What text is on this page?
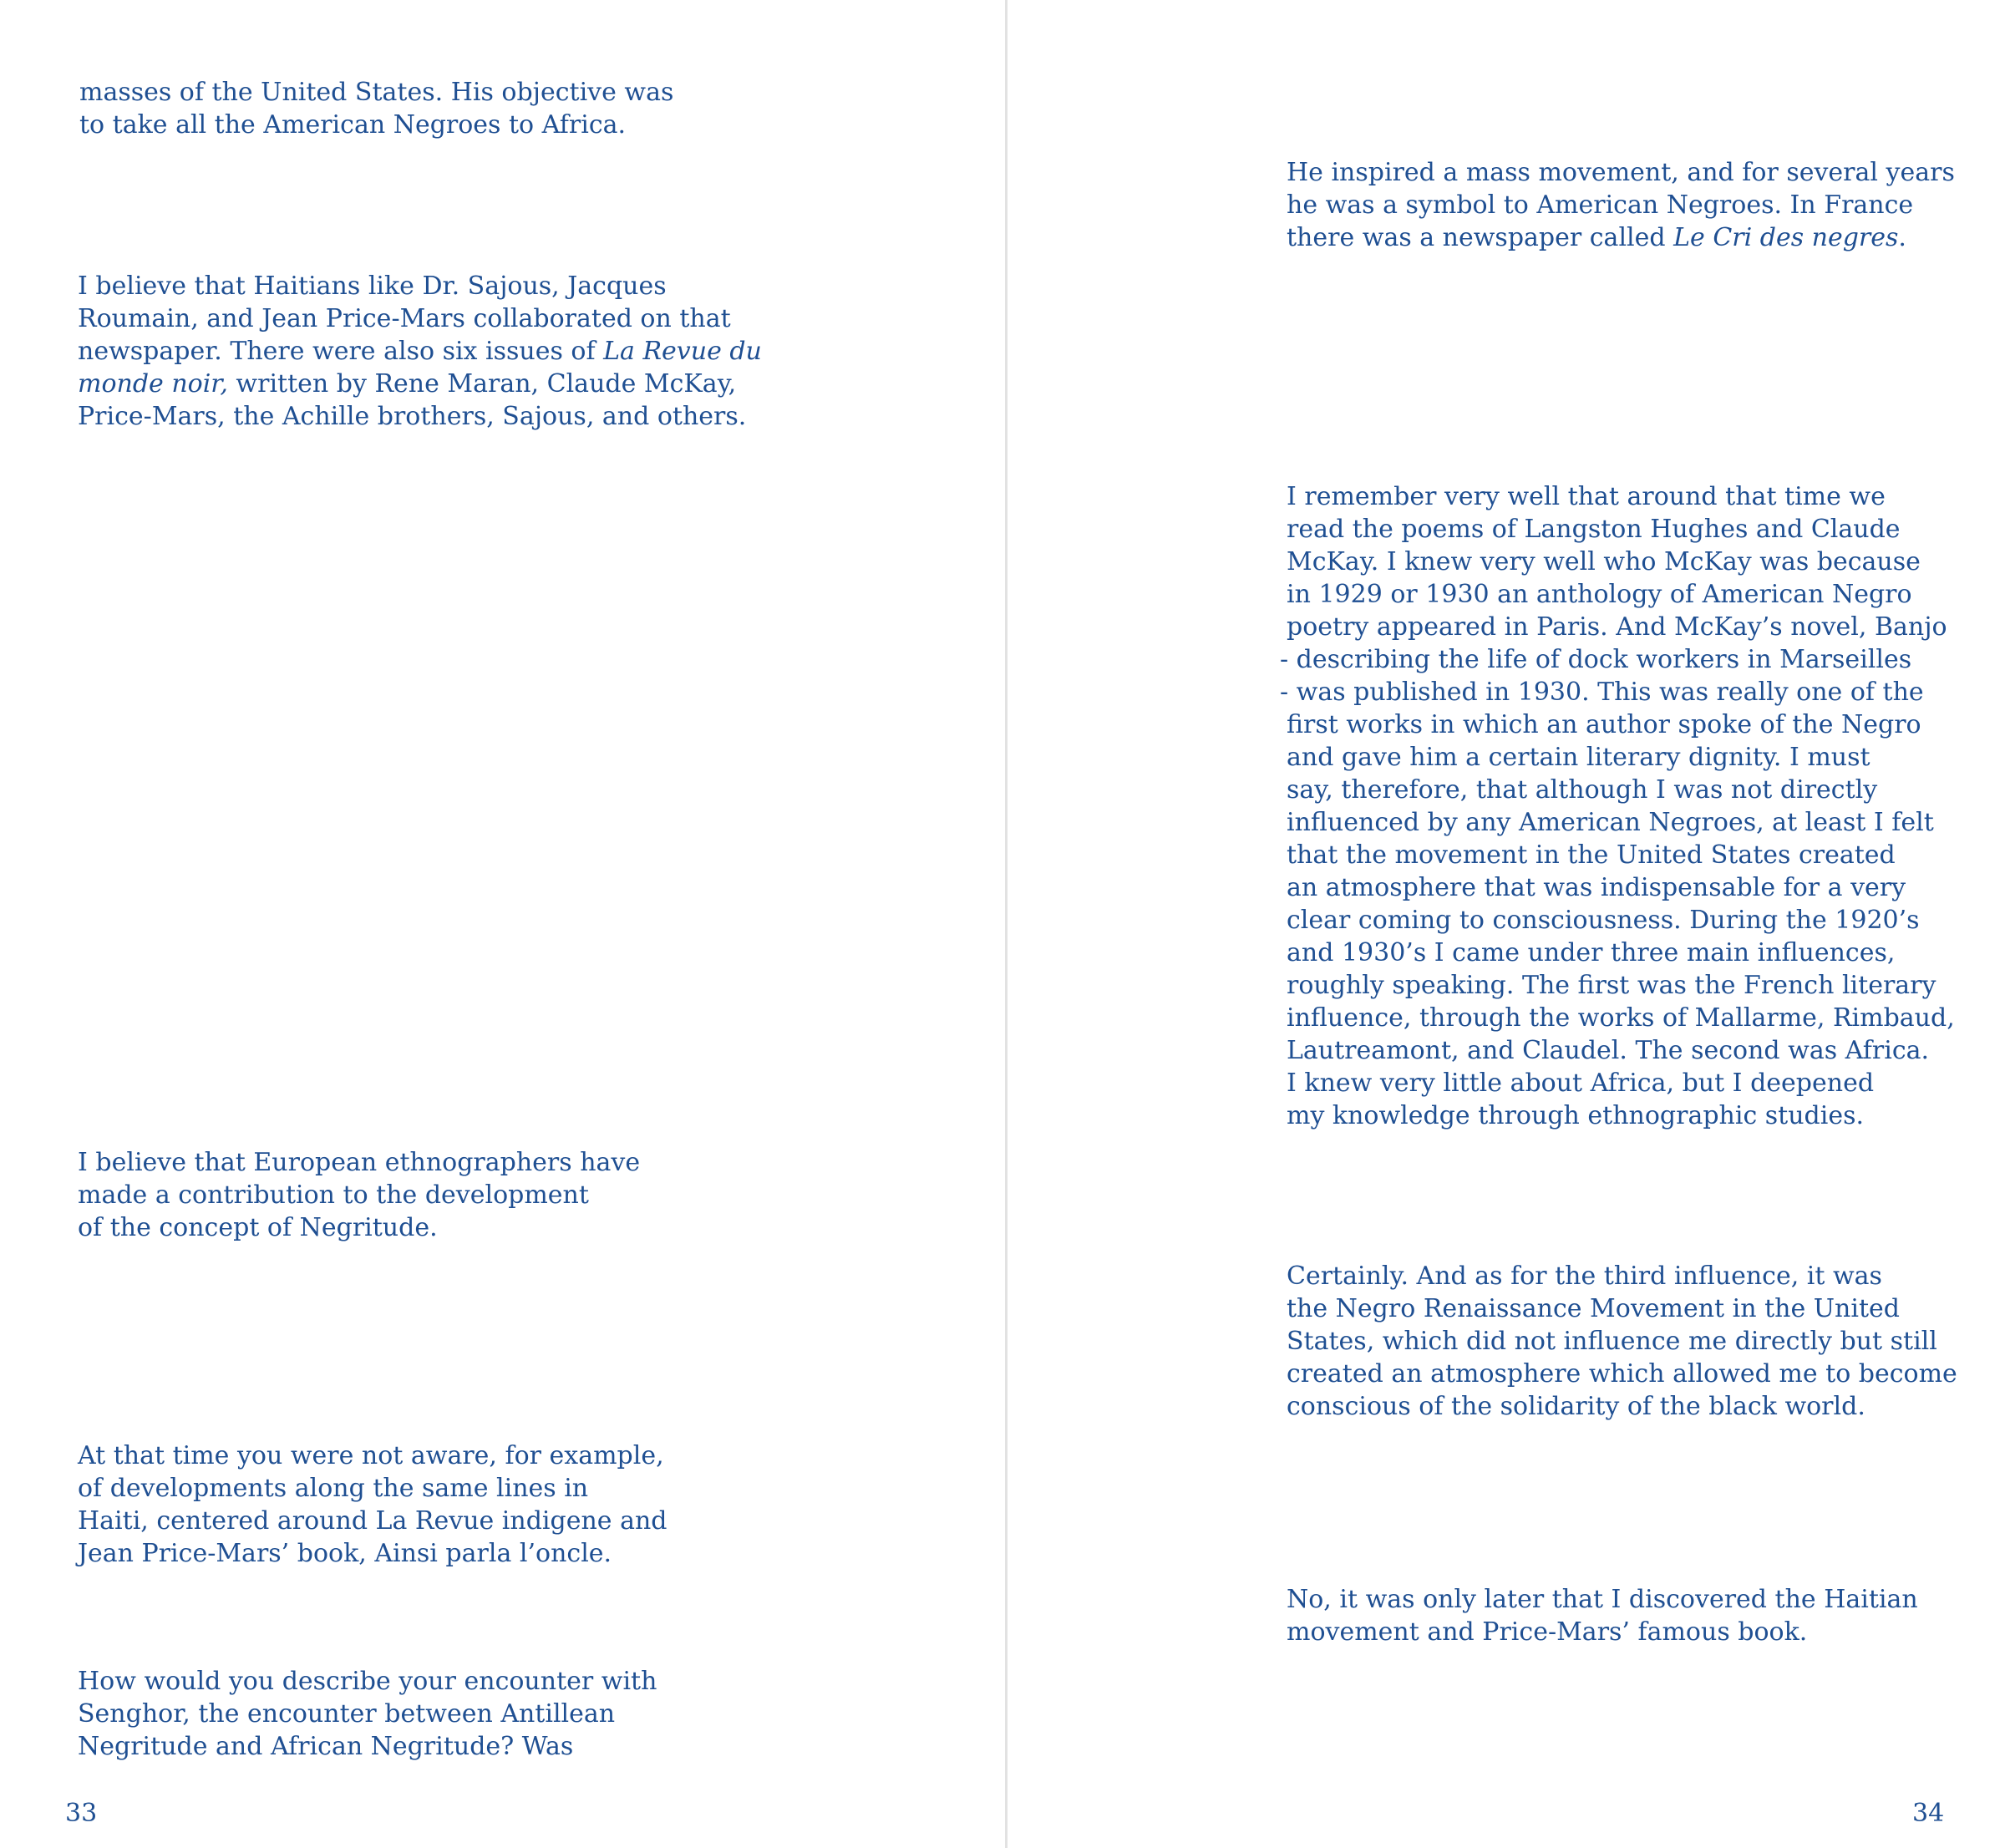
masses of the United States. His objective was
to take all the American Negroes to Africa.

I believe that Haitians like Dr. Sajous, Jacques
Roumain, and Jean Price-Mars collaborated on that
newspaper. There were also six issues of La Revue du
monde noir, written by Rene Maran, Claude McKay,
Price-Mars, the Achille brothers, Sajous, and others.

I believe that European ethnographers have
made a contribution to the development
of the concept of Negritude.

At that time you were not aware, for example,
of developments along the same lines in
Haiti, centered around La Revue indigene and
Jean Price-Mars’ book, Ainsi parla l’oncle.

How would you describe your encounter with
Senghor, the encounter between Antillean
Negritude and African Negritude? Was

33

He inspired a mass movement, and for several years
he was a symbol to American Negroes. In France
there was a newspaper called Le Cri des negres.

I remember very well that around that time we
read the poems of Langston Hughes and Claude
McKay. I knew very well who McKay was because
in 1929 or 1930 an anthology of American Negro
poetry appeared in Paris. And McKay’s novel, Banjo
- describing the life of dock workers in Marseilles
- was published in 1930. This was really one of the
first works in which an author spoke of the Negro
and gave him a certain literary dignity. I must
say, therefore, that although I was not directly
influenced by any American Negroes, at least I felt
that the movement in the United States created
an atmosphere that was indispensable for a very
clear coming to consciousness. During the 1920’s
and 1930’s I came under three main influences,
roughly speaking. The first was the French literary
influence, through the works of Mallarme, Rimbaud,
Lautreamont, and Claudel. The second was Africa.
I knew very little about Africa, but I deepened
my knowledge through ethnographic studies.

Certainly. And as for the third influence, it was
the Negro Renaissance Movement in the United
States, which did not influence me directly but still
created an atmosphere which allowed me to become
conscious of the solidarity of the black world.

No, it was only later that I discovered the Haitian
movement and Price-Mars’ famous book.

34
